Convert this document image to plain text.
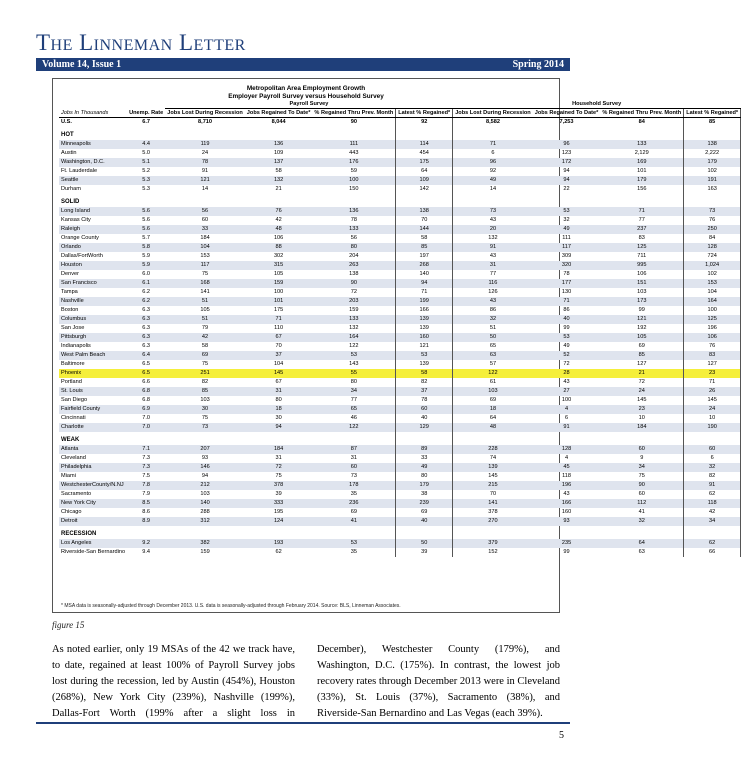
The Linneman Letter
Volume 14, Issue 1	Spring 2014
Metropolitan Area Employment Growth
Employer Payroll Survey versus Household Survey
		Payroll Survey				Household Survey			
Jobs In Thousands	Unemp. Rate	Jobs Lost During Recession	Jobs Regained To Date*	% Regained Thru Prev. Month	Latest % Regained*	Jobs Lost During Recession	Jobs Regained To Date*	% Regained Thru Prev. Month	Latest % Regained*
U.S.	6.7	8,710	8,044	90	92	8,582	7,253	84	85
HOT									
Minneapolis	4.4	119	136	111	114	71	96	133	138
Austin	5.0	24	109	443	454	6	123	2,129	2,222
Washington, D.C.	5.1	78	137	176	175	96	172	169	179
Ft. Lauderdale	5.2	91	58	59	64	92	94	101	102
Seattle	5.3	121	132	100	109	49	94	179	191
Durham	5.3	14	21	150	142	14	22	156	163
SOLID									
Long Island	5.6	56	76	136	138	73	53	71	73
Kansas City	5.6	60	42	78	70	43	32	77	76
Raleigh	5.6	33	48	133	144	20	49	237	250
Orange County	5.7	184	106	56	58	132	111	83	84
Orlando	5.8	104	88	80	85	91	117	125	128
Dallas/FortWorth	5.9	153	302	204	197	43	309	711	724
Houston	5.9	117	315	263	268	31	320	995	1,024
Denver	6.0	75	105	138	140	77	78	106	102
San Francisco	6.1	168	159	90	94	116	177	151	153
Tampa	6.2	141	100	72	71	126	130	103	104
Nashville	6.2	51	101	203	199	43	71	173	164
Boston	6.3	105	175	159	166	86	86	99	100
Columbus	6.3	51	71	133	139	32	40	121	125
San Jose	6.3	79	110	132	139	51	99	192	196
Pittsburgh	6.3	42	67	164	160	50	53	105	106
Indianapolis	6.3	58	70	122	121	65	49	69	76
West Palm Beach	6.4	69	37	53	53	63	52	85	83
Baltimore	6.5	75	104	143	139	57	72	127	127
Phoenix	6.5	251	145	55	58	122	28	21	23
Portland	6.6	82	67	80	82	61	43	72	71
St. Louis	6.8	85	31	34	37	103	27	24	26
San Diego	6.8	103	80	77	78	69	100	145	145
Fairfield County	6.9	30	18	65	60	18	4	23	24
Cincinnati	7.0	75	30	46	40	64	6	10	10
Charlotte	7.0	73	94	122	129	48	91	184	190
WEAK									
Atlanta	7.1	207	184	87	89	228	128	60	60
Cleveland	7.3	93	31	31	33	74	4	9	6
Philadelphia	7.3	146	72	60	49	139	45	34	32
Miami	7.5	94	75	73	80	145	118	75	82
WestchesterCounty/N.NJ	7.8	212	378	178	179	215	196	90	91
Sacramento	7.9	103	39	35	38	70	43	60	62
New York City	8.5	140	333	236	239	141	166	112	118
Chicago	8.6	288	195	69	69	378	160	41	42
Detroit	8.9	312	124	41	40	270	93	32	34
RECESSION									
Los Angeles	9.2	382	193	53	50	379	235	64	62
Riverside-San Bernardino	9.4	159	62	35	39	152	99	63	66
* MSA data is seasonally-adjusted through December 2013. U.S. data is seasonally-adjusted through February 2014. Source: BLS, Linneman Associates.
figure 15
As noted earlier, only 19 MSAs of the 42 we track have, to date, regained at least 100% of Payroll Survey jobs lost during the recession, led by Austin (454%), Houston (268%), New York City (239%), Nashville (199%), Dallas-Fort Worth (199% after a slight loss in December), Westchester County (179%), and Washington, D.C. (175%). In contrast, the lowest job recovery rates through December 2013 were in Cleveland (33%), St. Louis (37%), Sacramento (38%), and Riverside-San Bernardino and Las Vegas (each 39%).
5
